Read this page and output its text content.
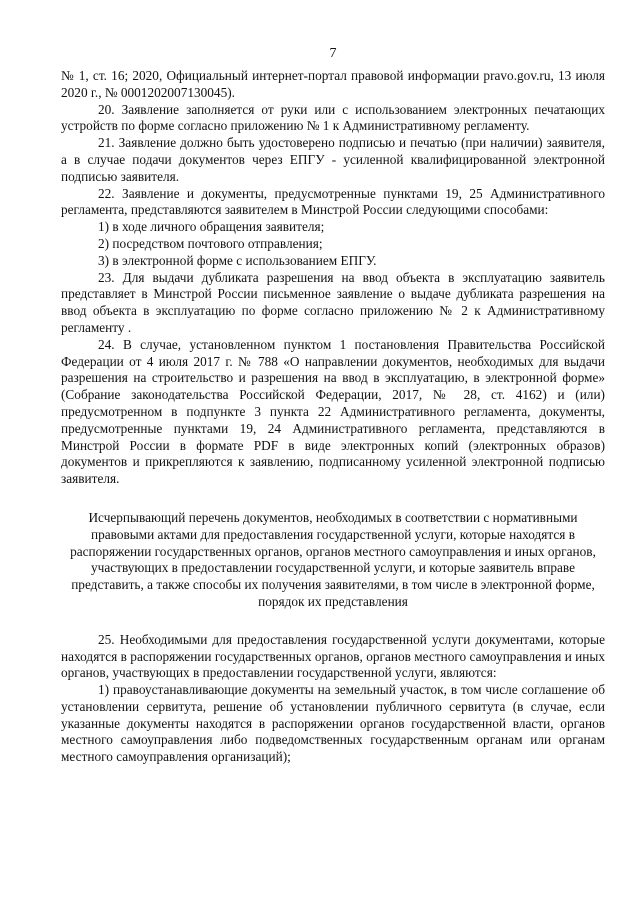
7

№ 1, ст. 16; 2020, Официальный интернет-портал правовой информации pravo.gov.ru, 13 июля 2020 г., № 0001202007130045).

20. Заявление заполняется от руки или с использованием электронных печатающих устройств по форме согласно приложению № 1 к Административному регламенту.

21. Заявление должно быть удостоверено подписью и печатью (при наличии) заявителя, а в случае подачи документов через ЕПГУ - усиленной квалифицированной электронной подписью заявителя.

22. Заявление и документы, предусмотренные пунктами 19, 25 Административного регламента, представляются заявителем в Минстрой России следующими способами:

1) в ходе личного обращения заявителя;

2) посредством почтового отправления;

3) в электронной форме с использованием ЕПГУ.

23. Для выдачи дубликата разрешения на ввод объекта в эксплуатацию заявитель представляет в Минстрой России письменное заявление о выдаче дубликата разрешения на ввод объекта в эксплуатацию по форме согласно приложению № 2 к Административному регламенту .

24. В случае, установленном пунктом 1 постановления Правительства Российской Федерации от 4 июля 2017 г. № 788 «О направлении документов, необходимых для выдачи разрешения на строительство и разрешения на ввод в эксплуатацию, в электронной форме» (Собрание законодательства Российской Федерации, 2017, № 28, ст. 4162) и (или) предусмотренном в подпункте 3 пункта 22 Административного регламента, документы, предусмотренные пунктами 19, 24 Административного регламента, представляются в Минстрой России в формате PDF в виде электронных копий (электронных образов) документов и прикрепляются к заявлению, подписанному усиленной электронной подписью заявителя.

Исчерпывающий перечень документов, необходимых в соответствии с нормативными правовыми актами для предоставления государственной услуги, которые находятся в распоряжении государственных органов, органов местного самоуправления и иных органов, участвующих в предоставлении государственной услуги, и которые заявитель вправе представить, а также способы их получения заявителями, в том числе в электронной форме, порядок их представления

25. Необходимыми для предоставления государственной услуги документами, которые находятся в распоряжении государственных органов, органов местного самоуправления и иных органов, участвующих в предоставлении государственной услуги, являются:

1) правоустанавливающие документы на земельный участок, в том числе соглашение об установлении сервитута, решение об установлении публичного сервитута (в случае, если указанные документы находятся в распоряжении органов государственной власти, органов местного самоуправления либо подведомственных государственным органам или органам местного самоуправления организаций);
